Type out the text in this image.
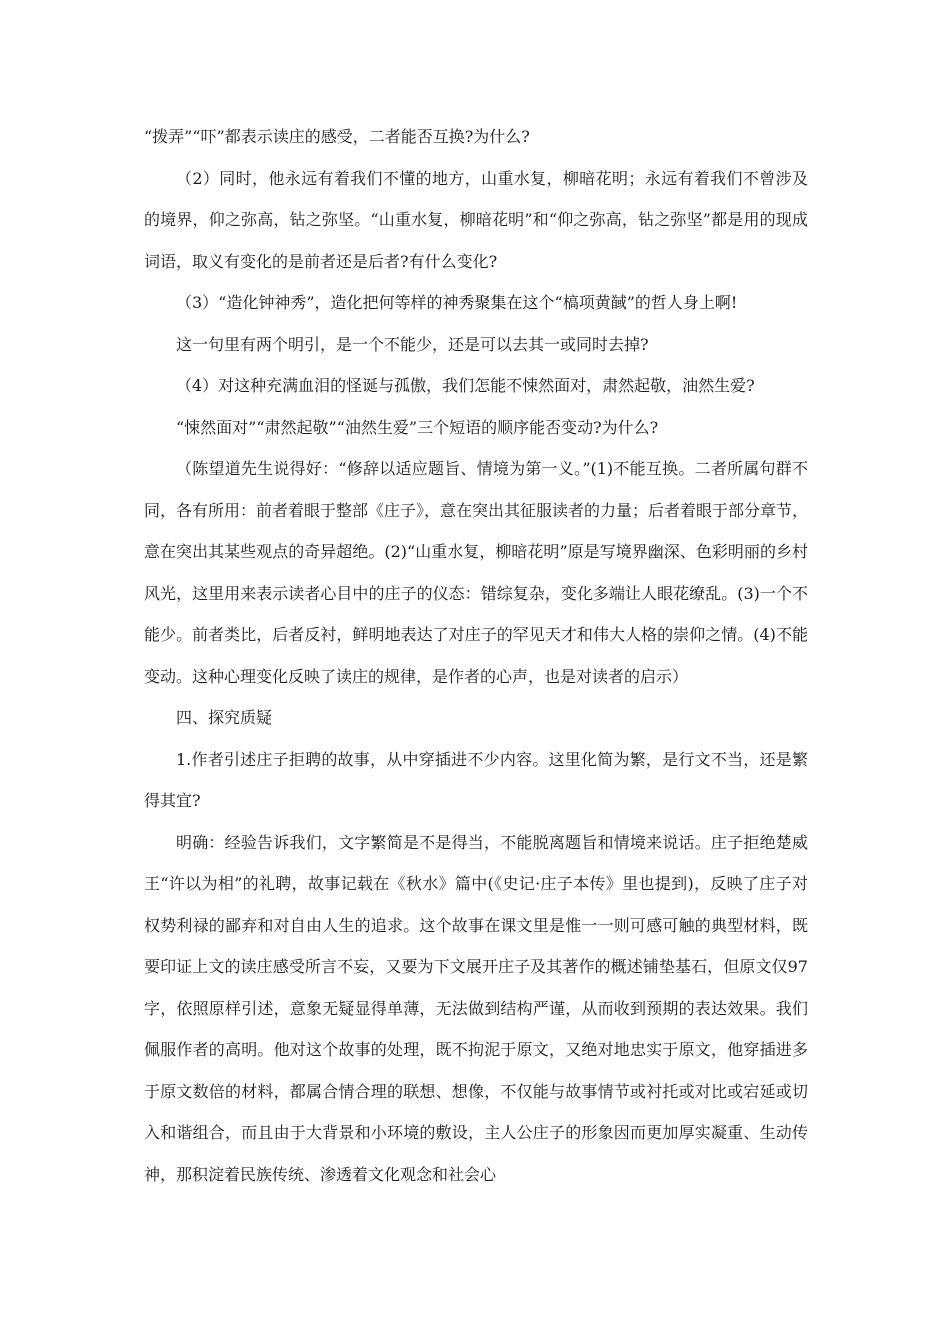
“拨弄”“吓”都表示读庄的感受，二者能否互换?为什么?

（2）同时，他永远有着我们不懂的地方，山重水复，柳暗花明；永远有着我们不曾涉及的境界，仰之弥高，钻之弥坚。“山重水复，柳暗花明”和“仰之弥高，钻之弥坚”都是用的现成词语，取义有变化的是前者还是后者?有什么变化?

（3）“造化钟神秀”，造化把何等样的神秀聚集在这个“槁项黄馘”的哲人身上啊!

这一句里有两个明引，是一个不能少，还是可以去其一或同时去掉?

（4）对这种充满血泪的怪诞与孤傲，我们怎能不悚然面对，肃然起敬，油然生爱?

“悚然面对”“肃然起敬”“油然生爱”三个短语的顺序能否变动?为什么?

（陈望道先生说得好：“修辞以适应题旨、情境为第一义。”(1)不能互换。二者所属句群不同，各有所用：前者着眼于整部《庄子》，意在突出其征服读者的力量；后者着眼于部分章节，意在突出其某些观点的奇异超绝。(2)“山重水复，柳暗花明”原是写境界幽深、色彩明丽的乡村风光，这里用来表示读者心目中的庄子的仪态：错综复杂，变化多端让人眼花缭乱。(3)一个不能少。前者类比，后者反衬，鲜明地表达了对庄子的罕见天才和伟大人格的崇仰之情。(4)不能变动。这种心理变化反映了读庄的规律，是作者的心声，也是对读者的启示）

四、探究质疑

1.作者引述庄子拒聘的故事，从中穿插进不少内容。这里化简为繁，是行文不当，还是繁得其宜?

明确：经验告诉我们，文字繁简是不是得当，不能脱离题旨和情境来说话。庄子拒绝楚威王“许以为相”的礼聘，故事记载在《秋水》篇中(《史记·庄子本传》里也提到)，反映了庄子对权势利禄的鄙弃和对自由人生的追求。这个故事在课文里是惟一一则可感可触的典型材料，既要印证上文的读庄感受所言不妄，又要为下文展开庄子及其著作的概述铺垫基石，但原文仅97字，依照原样引述，意象无疑显得单薄，无法做到结构严谨，从而收到预期的表达效果。我们佩服作者的高明。他对这个故事的处理，既不拘泥于原文，又绝对地忠实于原文，他穿插进多于原文数倍的材料，都属合情合理的联想、想像，不仅能与故事情节或衬托或对比或宕延或切入和谐组合，而且由于大背景和小环境的敷设，主人公庄子的形象因而更加厚实凝重、生动传神，那积淀着民族传统、渗透着文化观念和社会心
